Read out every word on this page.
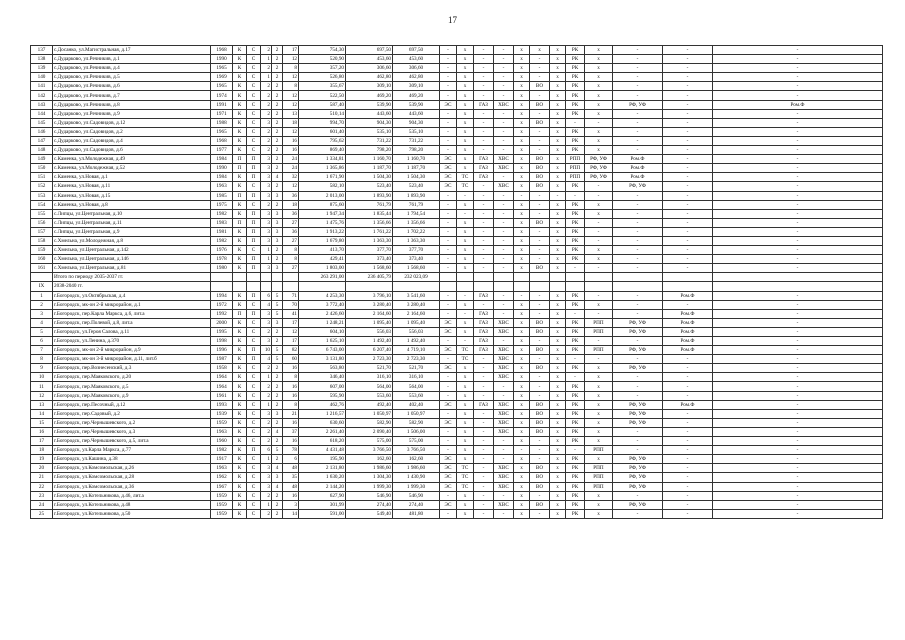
17
137	с.Досанко, ул.Магистральная, д.17	1968	К	С	2	2	17	754,30	697,50	697,50	-	х	-	-	х	х	х	РК	х	-	-	-
138	с.Дударково, ул.Речникив, д.1	1990	К	С	1	2	12	520,90	453,60	453,60	-	х	-	-	х	-	х	РК	х	-	-	-
139	с.Дударково, ул.Речникив, д.4	1965	К	С	2	2	8	357,20	306,60	306,60	-	х	-	-	х	-	х	РК	х	-	-	-
140	с.Дударково, ул.Речникив, д.5	1969	К	С	1	2	12	526,80	462,80	462,80	-	х	-	-	х	-	х	РК	х	-	-	-
141	с.Дударково, ул.Речникив, д.6	1965	К	С	2	2	8	355,67	309,10	309,10	-	х	-	-	х	ВО	х	РК	х	-	-	-
142	с.Дударково, ул.Речникив, д.7	1974	К	С	2	2	12	522,50	469,20	469,20	-	х	-	-	х	-	х	РК	х	-	-	-
143	с.Дударково, ул.Речникив, д.8	1991	К	С	2	2	12	587,40	539,90	539,90	ЭС	х	ГАЗ	ХВС	х	ВО	х	РК	х	РФ, УФ	-	Ром.Ф
144	с.Дударково, ул.Речникив, д.9	1971	К	С	2	2	13	510,14	443,60	443,60	-	х	-	-	х	-	х	РК	х	-	-	-
145	с.Дударково, ул.Садовидов, д.12	1988	К	С	3	2	18	994,70	904,30	904,30	-	х	-	-	х	ВО	х	-	-	-	-	-
146	с.Дударково, ул.Садовидов, д.2	1965	К	С	2	2	12	601,40	535,10	535,10	-	х	-	-	х	-	х	РК	х	-	-	-
147	с.Дударково, ул.Садовидов, д.4	1968	К	С	2	2	16	795,62	731,22	731,22	-	х	-	-	х	-	х	РК	х	-	-	-
148	с.Дударково, ул.Садовидов, д.6	1977	К	С	2	2	16	869,40	798,20	798,20	-	х	-	-	х	-	х	РК	х	-	-	-
149	с.Каменка, ул.Молодежная, д.49	1984	П	П	3	2	24	1 334,81	1 160,70	1 160,70	ЭС	х	ГАЗ	ХВС	х	ВО	х	РПП	РФ, УФ	Ром.Ф	-	-
150	с.Каменка, ул.Молодежная, д.52	1990	П	П	3	2	24	1 365,86	1 187,70	1 187,70	ЭС	х	ГАЗ	ХВС	х	ВО	х	РПП	РФ, УФ	Ром.Ф	-	-
151	с.Каменка, ул.Новая, д.1	1984	К	П	3	4	32	1 671,90	1 504,30	1 504,30	ЭС	ТС	ГАЗ	-	х	ВО	х	РПП	РФ, УФ	Ром.Ф	-	-
152	с.Каменка, ул.Новая, д.11	1963	К	С	3	2	12	582,10	523,40	523,40	ЭС	ТС	-	ХВС	х	ВО	х	РК	-	РФ, УФ	-	-
153	с.Каменка, ул.Новая, д.15	1985	П	П	3	3	36	2 013,00	1 893,90	1 893,90	-	-	-	-	-	-	-	-	-	-	-	-
154	с.Каменка, ул.Новая, д.8	1975	К	С	2	2	18	875,60	761,79	761,79	-	х	-	-	х	-	х	РК	х	-	-	-
155	с.Липцы, ул.Центральная, д.10	1982	К	П	3	3	36	1 947,34	1 835,44	1 794,54	-	-	-	-	х	-	х	РК	х	-	-	-
156	с.Липцы, ул.Центральная, д.11	1983	П	П	3	3	27	1 475,76	1 356,66	1 356,66	-	х	-	-	х	ВО	х	РК	-	-	-	-
157	с.Липцы, ул.Центральная, д.9	1981	К	П	3	3	36	1 913,22	1 761,22	1 702,22	-	х	-	-	х	-	х	РК	-	-	-	-
158	с.Хмельна, ул.Молодежная, д.8	1982	К	П	3	3	27	1 679,80	1 363,30	1 363,30	-	х	-	-	х	-	х	РК	-	-	-	-
159	с.Хмельна, ул.Центральная, д.142	1976	К	С	1	2	8	413,70	377,70	377,70	-	х	-	-	х	-	х	РК	х	-	-	-
160	с.Хмельна, ул.Центральная, д.146	1978	К	П	1	2	8	429,41	373,40	373,40	-	х	-	-	х	-	х	РК	х	-	-	-
161	с.Хмельна, ул.Центральная, д.81	1980	К	П	3	3	27	1 803,00	1 568,60	1 568,60	-	х	-	-	х	ВО	х	-	-	-	-	-
	Итого по периоду 2035-2037 гг.							263 291,00	236 405,79	232 023,09												
IX	2038-2040 гг.																					
1	г.Богородск, ул.Октябрьская, д.4	1994	К	П	6	5	71	4 253,30	3 796,10	3 541,60	-	-	ГАЗ	-	-	-	х	РК	-	-	Ром.Ф	-
2	г.Богородск, мк-он 2-й микрорайон, д.1	1972	К	С	4	5	70	3 772,40	3 280,40	3 280,40	-	х	-	-	х	-	х	РК	х	-	-	-
3	г.Богородск, пер.Карла Маркса, д.6, лит.а	1992	П	П	3	5	41	2 426,60	2 164,60	2 164,60	-	-	ГАЗ	-	х	-	х	-	-	-	Ром.Ф	-
4	г.Богородск, пер.Полевой, д.8, лит.а	2000	К	С	3	3	17	1 248,21	1 095,40	1 095,40	ЭС	х	ГАЗ	ХВС	х	ВО	х	РК	РПП	РФ, УФ	Ром.Ф	-
5	г.Богородск, ул.Героя Салова, д.11	1995	К	С	2	2	12	604,10	556,03	556,03	ЭС	х	ГАЗ	ХВС	х	ВО	х	РК	РПП	РФ, УФ	Ром.Ф	-
6	г.Богородск, ул.Ленина, д.370	1998	К	С	3	2	17	1 625,10	1 492,40	1 492,40	-	-	ГАЗ	-	х	-	х	РК	-	-	Ром.Ф	-
7	г.Богородск, мк-он 2-й микрорайон, д.9	1996	К	П	10	5	82	6 743,00	6 207,40	4 719,10	ЭС	ТС	ГАЗ	ХВС	х	ВО	х	РК	РПП	РФ, УФ	Ром.Ф	-
8	г.Богородск, мк-он 3-й микрорайон, д.11, лит.б	1987	К	П	4	5	60	3 131,80	2 723,30	2 723,30	-	ТС	-	ХВС	х	-	х	-	-	-	-	-
9	г.Богородск, пер.Вознесенский, д.3	1958	К	С	2	2	16	563,80	521,70	521,70	ЭС	х	-	ХВС	х	ВО	х	РК	х	РФ, УФ	-	-
10	г.Богородск, пер.Маяковского, д.20	1964	К	С	1	2	8	346,40	316,10	316,10	-	х	-	ХВС	х	-	х	-	х	-	-	-
11	г.Богородск, пер.Маяковского, д.5	1964	К	С	2	2	16	607,00	564,00	564,00	-	х	-	-	х	-	х	РК	х	-	-	-
12	г.Богородск, пер.Маяковского, д.9	1961	К	С	2	2	16	595,90	553,60	553,60	-	х	-	-	х	-	х	РК	х	-	-	-
13	г.Богородск, пер.Песочный, д.12	1993	К	С	1	2	8	462,76	492,40	402,40	ЭС	х	ГАЗ	ХВС	х	ВО	х	РК	х	РФ, УФ	Ром.Ф	-
14	г.Богородск, пер.Садовый, д.2	1939	К	С	3	3	21	1 216,57	1 050,97	1 050,97	-	х	-	ХВС	х	ВО	х	РК	х	РФ, УФ	-	-
15	г.Богородск, пер.Чернышевского, д.2	1959	К	С	2	2	16	630,60	582,90	582,90	ЭС	х	-	ХВС	х	ВО	х	РК	х	РФ, УФ	-	-
16	г.Богородск, пер.Чернышевского, д.3	1963	К	С	2	4	37	2 261,40	2 090,40	1 506,00	-	х	-	ХВС	х	ВО	х	РК	х	-	-	-
17	г.Богородск, пер.Чернышевского, д.5, лит.а	1960	К	С	2	2	16	618,20	575,00	575,00	-	х	-	-	х	-	х	РК	х	-	-	-
18	г.Богородск, ул.Карла Маркса, д.77	1982	К	П	6	5	78	4 431,48	3 766,50	3 766,50	-	х	-	-	-	-	х	-	РПП	-	-	-
19	г.Богородск, ул.Кашина, д.38	1917	К	С	1	2	6	195,90	162,60	162,60	ЭС	х	-	-	х	-	х	РК	х	РФ, УФ	-	-
20	г.Богородск, ул.Комсомольская, д.26	1963	К	С	3	4	48	2 131,80	1 986,60	1 986,60	ЭС	ТС	-	ХВС	х	ВО	х	РК	РПП	РФ, УФ	-	-
21	г.Богородск, ул.Комсомольская, д.28	1962	К	С	3	3	35	1 630,20	1 304,30	1 430,90	ЭС	ТС	-	ХВС	х	ВО	х	РК	РПП	РФ, УФ	-	-
22	г.Богородск, ул.Комсомольская, д.36	1967	К	С	3	4	48	2 144,20	1 999,30	1 999,30	ЭС	ТС	-	ХВС	х	ВО	х	РК	РПП	РФ, УФ	-	-
23	г.Богородск, ул.Котельникова, д.46, лит.а	1959	К	С	2	2	16	627,90	546,90	546,90	-	х	-	-	х	-	х	РК	х	-	-	-
24	г.Богородск, ул.Котельникова, д.48	1959	К	С	1	2	3	301,99	274,40	274,40	ЭС	х	-	ХВС	х	ВО	х	РК	х	РФ, УФ	-	-
25	г.Богородск, ул.Котельникова, д.50	1959	К	С	2	2	14	591,00	549,40	481,80	-	х	-	-	х	-	х	РК	х	-	-	-
